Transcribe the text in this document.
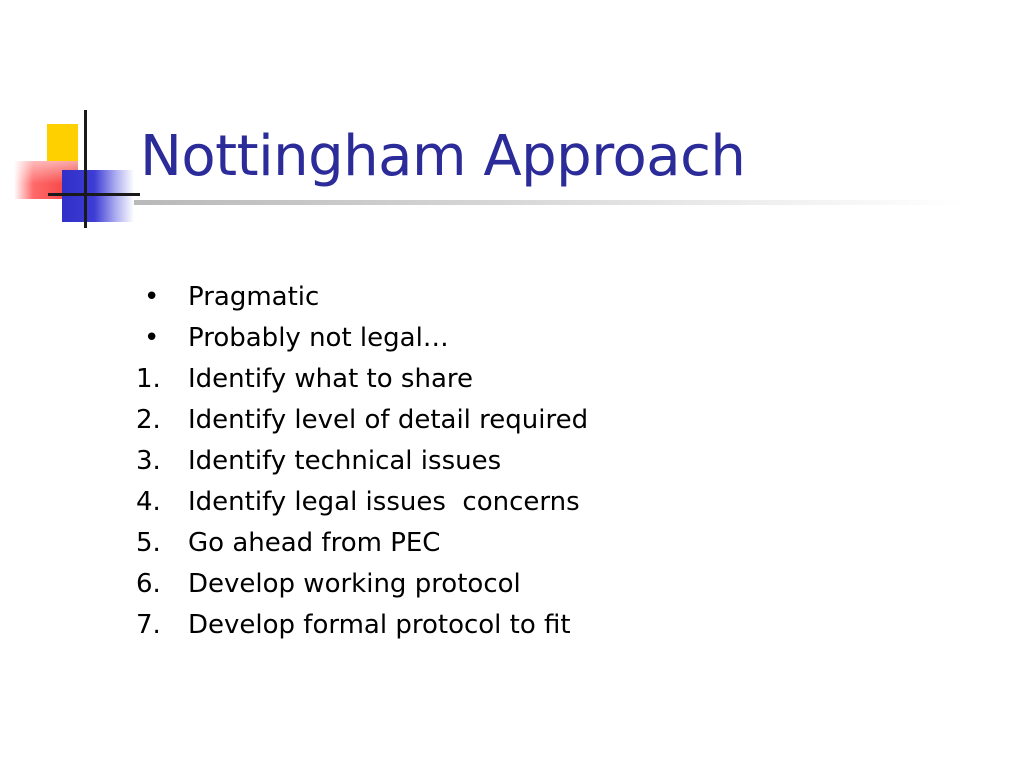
Nottingham Approach
•	Pragmatic
•	Probably not legal…
1.	Identify what to share
2.	Identify level of detail required
3.	Identify technical issues
4.	Identify legal issues  concerns
5.	Go ahead from PEC
6.	Develop working protocol
7.	Develop formal protocol to fit
